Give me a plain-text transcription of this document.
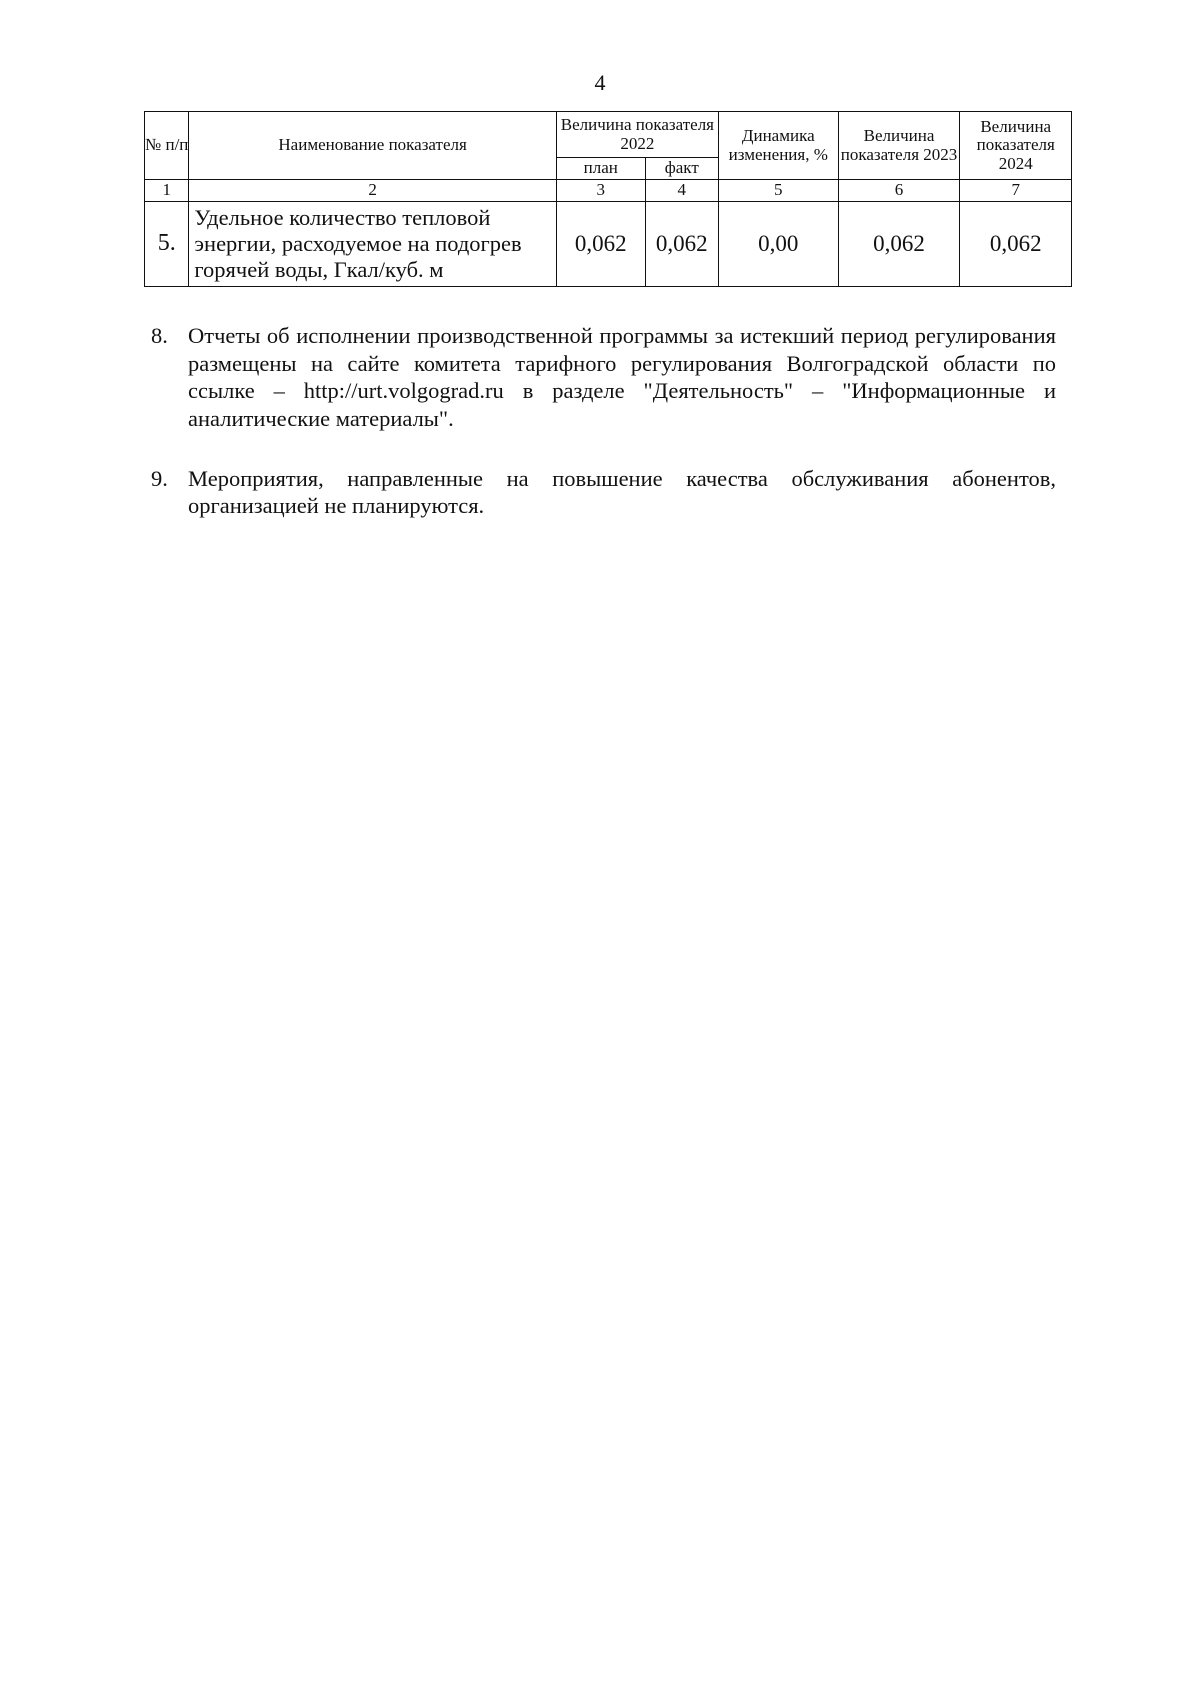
4
№ п/п	Наименование показателя	Величина показателя 2022		Динамика изменения, %	Величина показателя 2023	Величина показателя 2024
		план	факт			
1	2	3	4	5	6	7
5.	Удельное количество тепловой энергии, расходуемое на подогрев горячей воды, Гкал/куб. м	0,062	0,062	0,00	0,062	0,062
8. Отчеты об исполнении производственной программы за истекший период регулирования размещены на сайте комитета тарифного регулирования Волгоградской области по ссылке – http://urt.volgograd.ru в разделе "Деятельность" – "Информационные и аналитические материалы".
9. Мероприятия, направленные на повышение качества обслуживания абонентов, организацией не планируются.
